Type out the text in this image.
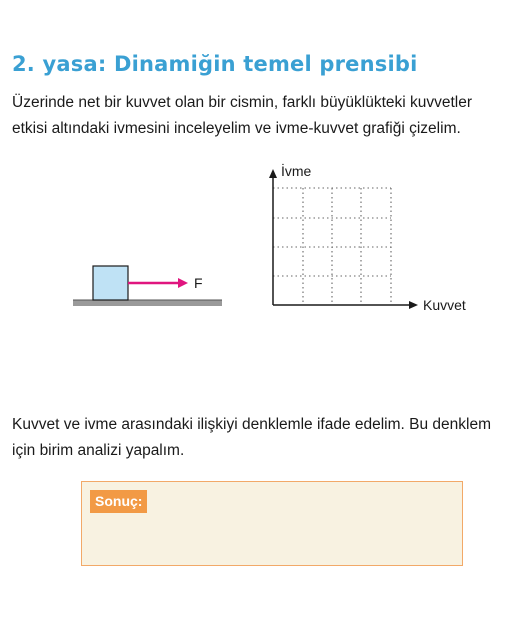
2. yasa: Dinamiğin temel prensibi
Üzerinde net bir kuvvet olan bir cismin, farklı büyüklükteki kuvvetler
etkisi altındaki ivmesini inceleyelim ve ivme-kuvvet grafiği çizelim.
F
İvme
Kuvvet
Kuvvet ve ivme arasındaki ilişkiyi denklemle ifade edelim. Bu denklem
için birim analizi yapalım.
Sonuç:
